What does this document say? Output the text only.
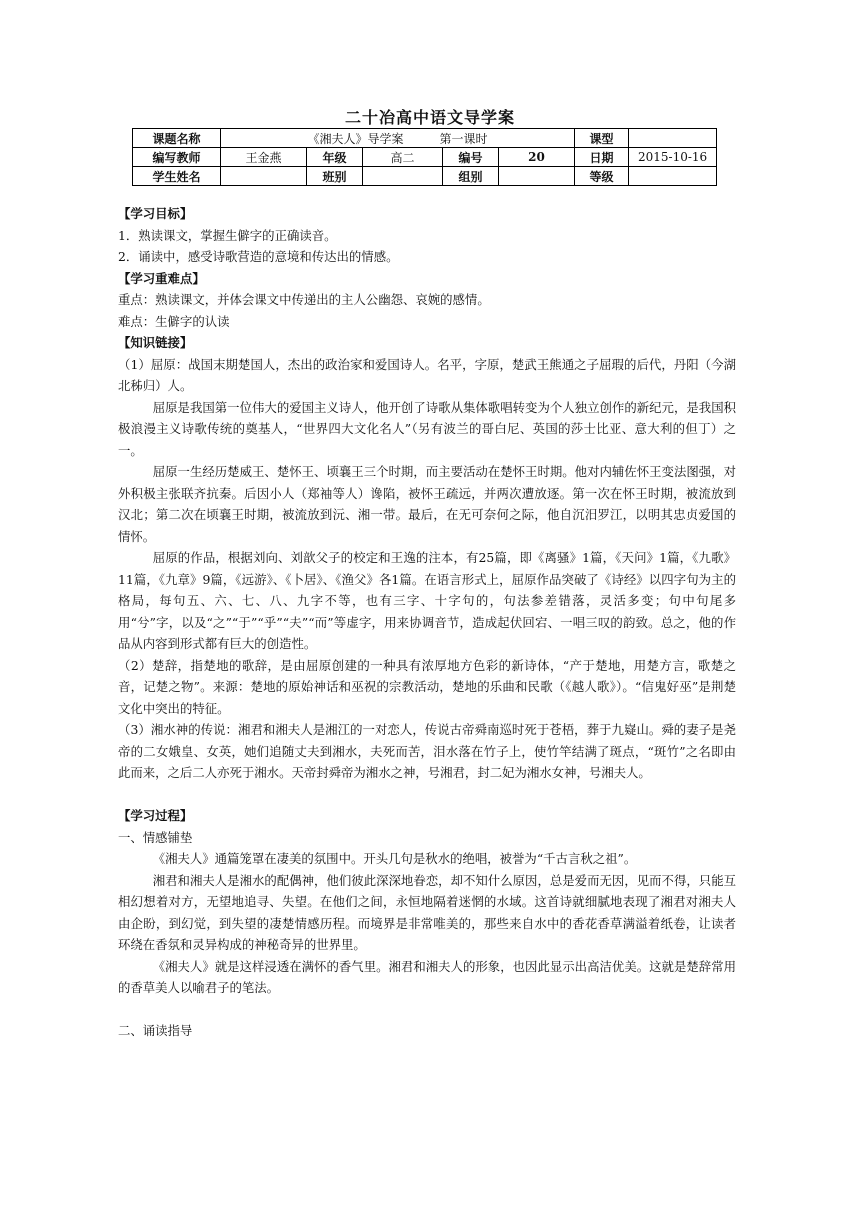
二十冶高中语文导学案
课题名称	《湘夫人》导学案　　　第一课时					课型	
编写教师	王金燕	年级	高二	编号	20	日期	2015-10-16
学生姓名		班别		组别		等级	

【学习目标】

1．熟读课文，掌握生僻字的正确读音。

2．诵读中，感受诗歌营造的意境和传达出的情感。

【学习重难点】

重点：熟读课文，并体会课文中传递出的主人公幽怨、哀婉的感情。

难点：生僻字的认读

【知识链接】

（1）屈原：战国末期楚国人，杰出的政治家和爱国诗人。名平，字原，楚武王熊通之子屈瑕的后代，丹阳（今湖北秭归）人。

屈原是我国第一位伟大的爱国主义诗人，他开创了诗歌从集体歌唱转变为个人独立创作的新纪元，是我国积极浪漫主义诗歌传统的奠基人，“世界四大文化名人”（另有波兰的哥白尼、英国的莎士比亚、意大利的但丁）之一。

屈原一生经历楚威王、楚怀王、顷襄王三个时期，而主要活动在楚怀王时期。他对内辅佐怀王变法图强，对外积极主张联齐抗秦。后因小人（郑袖等人）谗陷，被怀王疏远，并两次遭放逐。第一次在怀王时期，被流放到汉北；第二次在顷襄王时期，被流放到沅、湘一带。最后，在无可奈何之际，他自沉汨罗江，以明其忠贞爱国的情怀。

屈原的作品，根据刘向、刘歆父子的校定和王逸的注本，有25篇，即《离骚》1篇，《天问》1篇，《九歌》11篇，《九章》9篇，《远游》、《卜居》、《渔父》各1篇。在语言形式上，屈原作品突破了《诗经》以四字句为主的格局，每句五、六、七、八、九字不等，也有三字、十字句的，句法参差错落，灵活多变；句中句尾多用“兮”字，以及“之”“于”“乎”“夫”“而”等虚字，用来协调音节，造成起伏回宕、一唱三叹的韵致。总之，他的作品从内容到形式都有巨大的创造性。

（2）楚辞，指楚地的歌辞，是由屈原创建的一种具有浓厚地方色彩的新诗体，“产于楚地，用楚方言，歌楚之音，记楚之物”。来源：楚地的原始神话和巫祝的宗教活动，楚地的乐曲和民歌（《越人歌》）。“信鬼好巫”是荆楚文化中突出的特征。

（3）湘水神的传说：湘君和湘夫人是湘江的一对恋人，传说古帝舜南巡时死于苍梧，葬于九嶷山。舜的妻子是尧帝的二女娥皇、女英，她们追随丈夫到湘水，夫死而苦，泪水落在竹子上，使竹竿结满了斑点，“斑竹”之名即由此而来，之后二人亦死于湘水。天帝封舜帝为湘水之神，号湘君，封二妃为湘水女神，号湘夫人。

【学习过程】

一、情感铺垫

《湘夫人》通篇笼罩在凄美的氛围中。开头几句是秋水的绝唱，被誉为“千古言秋之祖”。

湘君和湘夫人是湘水的配偶神，他们彼此深深地眷恋，却不知什么原因，总是爱而无因，见而不得，只能互相幻想着对方，无望地追寻、失望。在他们之间，永恒地隔着迷惘的水域。这首诗就细腻地表现了湘君对湘夫人由企盼，到幻觉，到失望的凄楚情感历程。而境界是非常唯美的，那些来自水中的香花香草满溢着纸卷，让读者环绕在香氛和灵异构成的神秘奇异的世界里。

《湘夫人》就是这样浸透在满怀的香气里。湘君和湘夫人的形象，也因此显示出高洁优美。这就是楚辞常用的香草美人以喻君子的笔法。

二、诵读指导
